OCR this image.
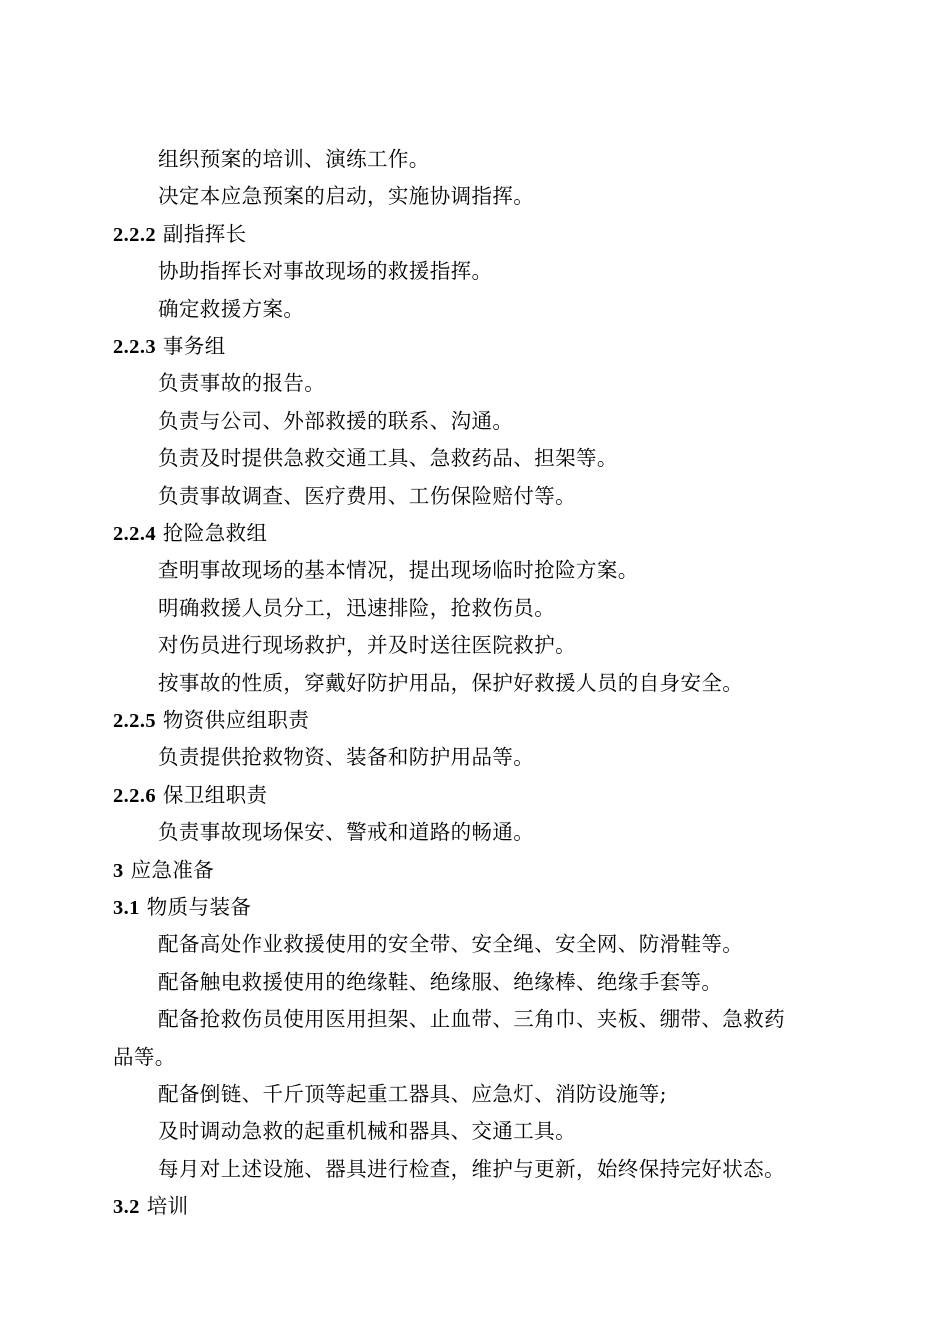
组织预案的培训、演练工作。
决定本应急预案的启动，实施协调指挥。
2.2.2 副指挥长
协助指挥长对事故现场的救援指挥。
确定救援方案。
2.2.3 事务组
负责事故的报告。
负责与公司、外部救援的联系、沟通。
负责及时提供急救交通工具、急救药品、担架等。
负责事故调查、医疗费用、工伤保险赔付等。
2.2.4 抢险急救组
查明事故现场的基本情况，提出现场临时抢险方案。
明确救援人员分工，迅速排险，抢救伤员。
对伤员进行现场救护，并及时送往医院救护。
按事故的性质，穿戴好防护用品，保护好救援人员的自身安全。
2.2.5 物资供应组职责
负责提供抢救物资、装备和防护用品等。
2.2.6 保卫组职责
负责事故现场保安、警戒和道路的畅通。
3 应急准备
3.1 物质与装备
配备高处作业救援使用的安全带、安全绳、安全网、防滑鞋等。
配备触电救援使用的绝缘鞋、绝缘服、绝缘棒、绝缘手套等。
配备抢救伤员使用医用担架、止血带、三角巾、夹板、绷带、急救药
品等。
配备倒链、千斤顶等起重工器具、应急灯、消防设施等;
及时调动急救的起重机械和器具、交通工具。
每月对上述设施、器具进行检查，维护与更新，始终保持完好状态。
3.2 培训
